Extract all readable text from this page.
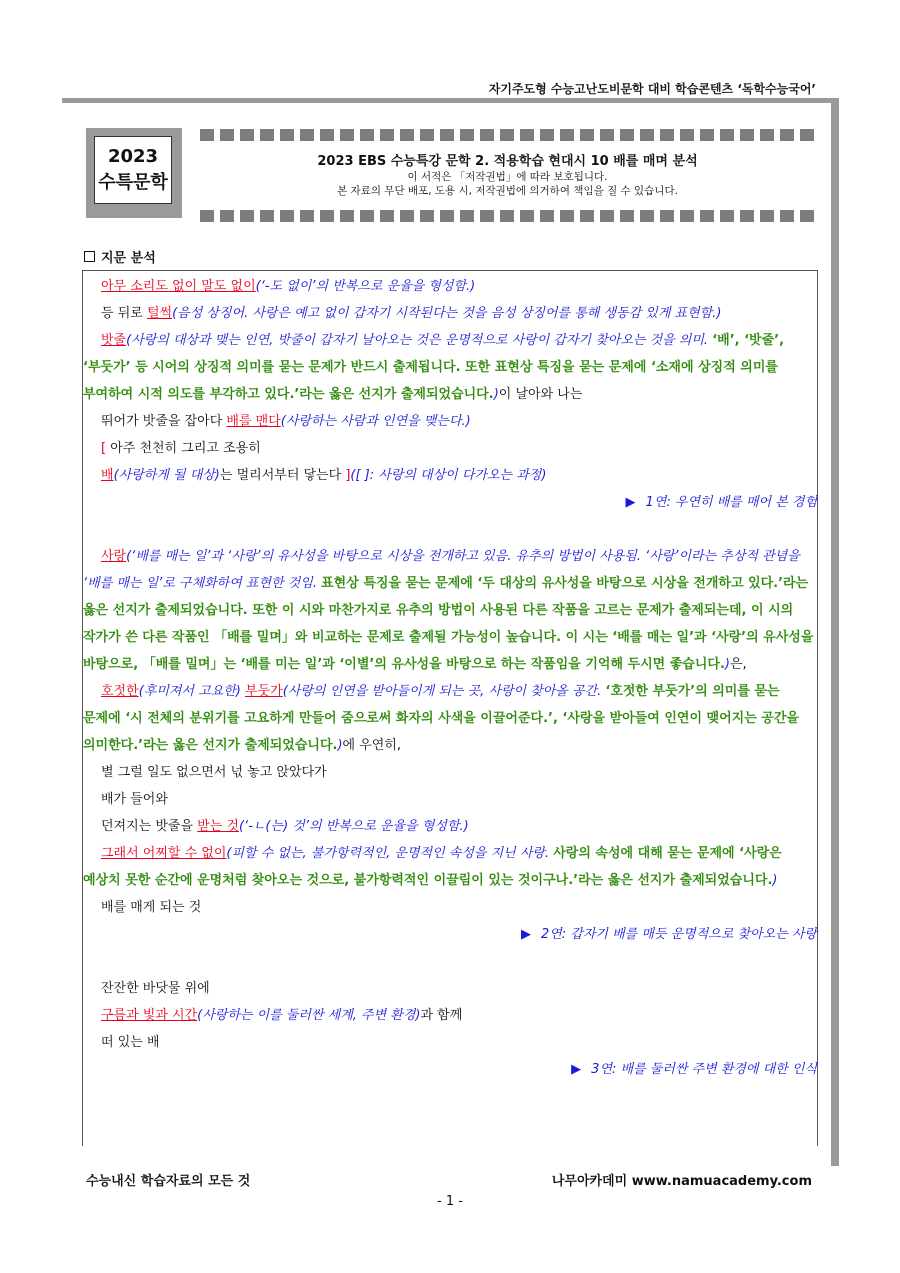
자기주도형 수능고난도비문학 대비 학습콘텐츠 ‘독학수능국어’
2023
수특문학
2023 EBS 수능특강 문학 2. 적용학습 현대시 10 배를 매며 분석
이 서적은 「저작권법」에 따라 보호됩니다.
본 자료의 무단 배포, 도용 시, 저작권법에 의거하여 책임을 질 수 있습니다.
지문 분석

아무 소리도 없이 말도 없이(‘-도 없이’의 반복으로 운율을 형성함.)

등 뒤로 털썩(음성 상징어. 사랑은 예고 없이 갑자기 시작된다는 것을 음성 상징어를 통해 생동감 있게 표현함.)

밧줄(사랑의 대상과 맺는 인연, 밧줄이 갑자기 날아오는 것은 운명적으로 사랑이 갑자기 찾아오는 것을 의미. ‘배’, ‘밧줄’, ‘부둣가’ 등 시어의 상징적 의미를 묻는 문제가 반드시 출제됩니다. 또한 표현상 특징을 묻는 문제에 ‘소재에 상징적 의미를 부여하여 시적 의도를 부각하고 있다.’라는 옳은 선지가 출제되었습니다.)이 날아와 나는

뛰어가 밧줄을 잡아다 배를 맨다(사랑하는 사람과 인연을 맺는다.)

[ 아주 천천히 그리고 조용히

배(사랑하게 될 대상)는 멀리서부터 닿는다 ]([ ]: 사랑의 대상이 다가오는 과정)

▶ 1연: 우연히 배를 매어 본 경험

사랑(‘배를 매는 일’과 ‘사랑’의 유사성을 바탕으로 시상을 전개하고 있음. 유추의 방법이 사용됨. ‘사랑’이라는 추상적 관념을 ‘배를 매는 일’로 구체화하여 표현한 것임. 표현상 특징을 묻는 문제에 ‘두 대상의 유사성을 바탕으로 시상을 전개하고 있다.’라는 옳은 선지가 출제되었습니다. 또한 이 시와 마찬가지로 유추의 방법이 사용된 다른 작품을 고르는 문제가 출제되는데, 이 시의 작가가 쓴 다른 작품인 「배를 밀며」와 비교하는 문제로 출제될 가능성이 높습니다. 이 시는 ‘배를 매는 일’과 ‘사랑’의 유사성을 바탕으로, 「배를 밀며」는 ‘배를 미는 일’과 ‘이별’의 유사성을 바탕으로 하는 작품임을 기억해 두시면 좋습니다.)은,

호젓한(후미져서 고요한) 부둣가(사랑의 인연을 받아들이게 되는 곳, 사랑이 찾아올 공간. ‘호젓한 부둣가’의 의미를 묻는 문제에 ‘시 전체의 분위기를 고요하게 만들어 줌으로써 화자의 사색을 이끌어준다.’, ‘사랑을 받아들여 인연이 맺어지는 공간을 의미한다.’라는 옳은 선지가 출제되었습니다.)에 우연히,

별 그럴 일도 없으면서 넋 놓고 앉았다가

배가 들어와

던져지는 밧줄을 받는 것(‘-ㄴ(는) 것’의 반복으로 운율을 형성함.)

그래서 어찌할 수 없이(피할 수 없는, 불가항력적인, 운명적인 속성을 지닌 사랑. 사랑의 속성에 대해 묻는 문제에 ‘사랑은 예상치 못한 순간에 운명처럼 찾아오는 것으로, 불가항력적인 이끌림이 있는 것이구나.’라는 옳은 선지가 출제되었습니다.)

배를 매게 되는 것

▶ 2연: 갑자기 배를 매듯 운명적으로 찾아오는 사랑

잔잔한 바닷물 위에

구름과 빛과 시간(사랑하는 이를 둘러싼 세계, 주변 환경)과 함께

떠 있는 배

▶ 3연: 배를 둘러싼 주변 환경에 대한 인식

수능내신 학습자료의 모든 것	나무아카데미 www.namuacademy.com
- 1 -
